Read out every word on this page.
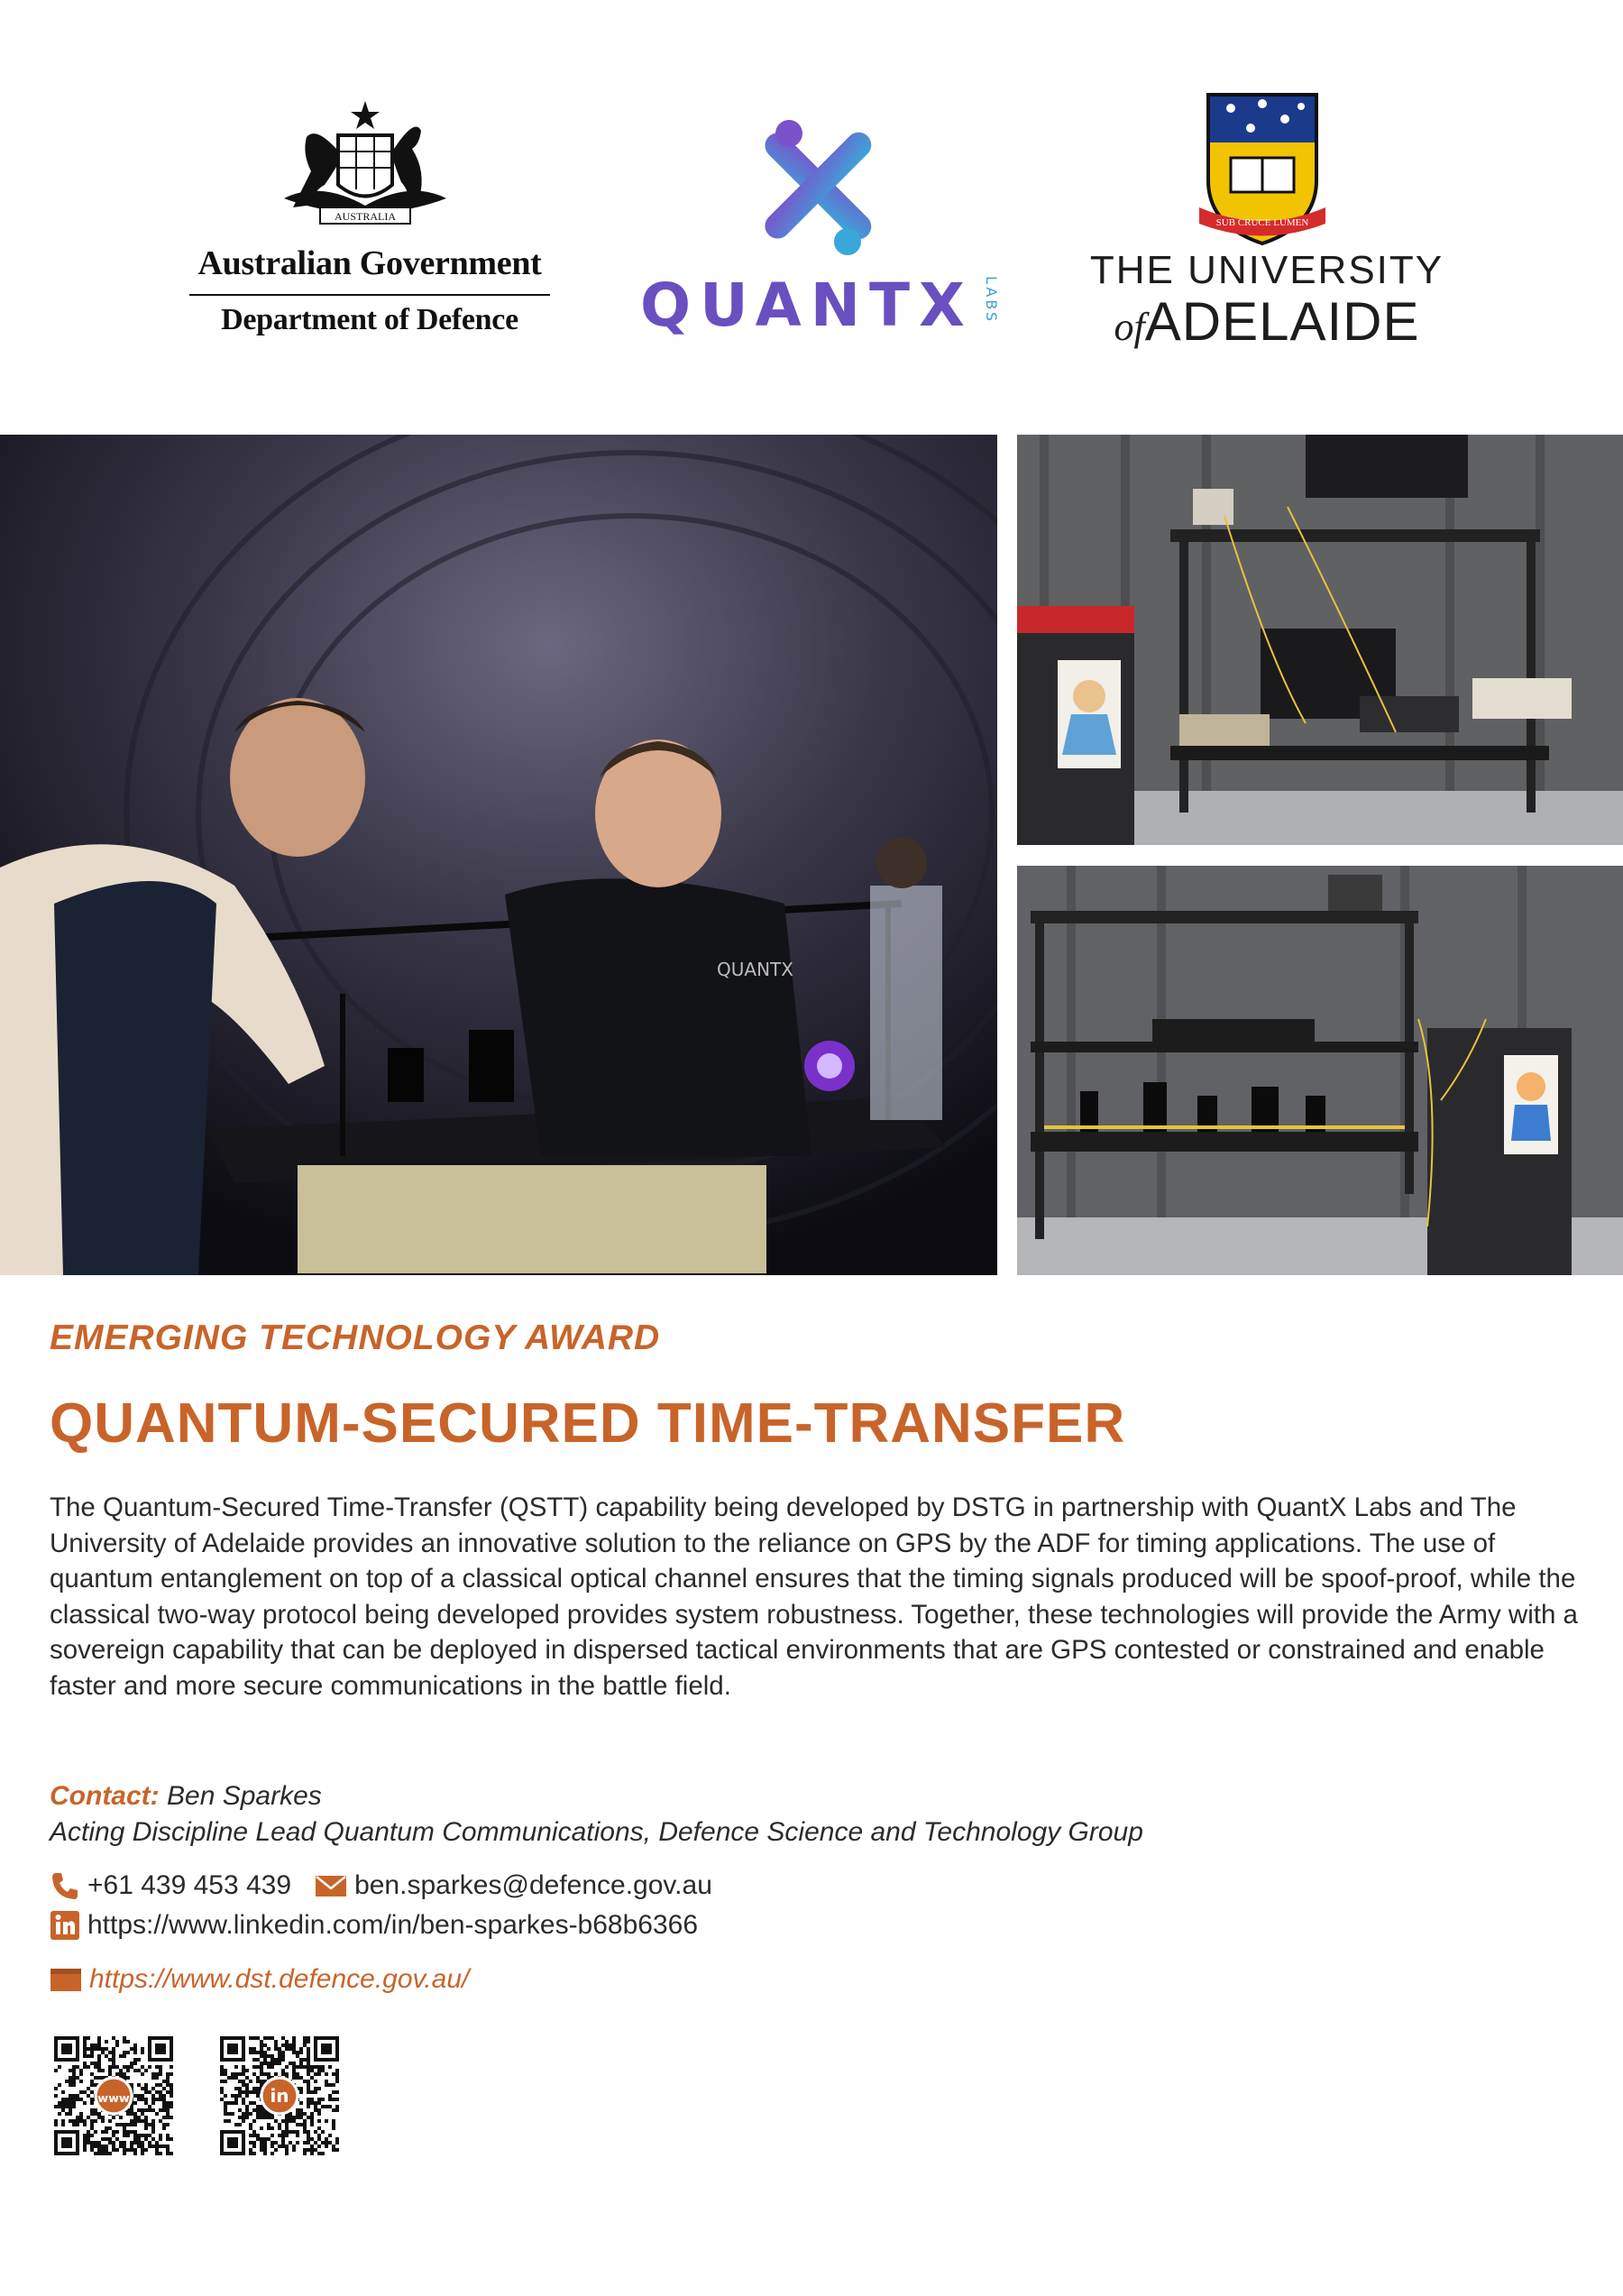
AUSTRALIA
Australian Government
Department of Defence	QUANTX LABS
SUB CRUCE LUMEN
THE UNIVERSITY
ofADELAIDE
QUANTX
EMERGING TECHNOLOGY AWARD
QUANTUM-SECURED TIME-TRANSFER
The Quantum-Secured Time-Transfer (QSTT) capability being developed by DSTG in partnership with QuantX Labs and The University of Adelaide provides an innovative solution to the reliance on GPS by the ADF for timing applications. The use of quantum entanglement on top of a classical optical channel ensures that the timing signals produced will be spoof-proof, while the classical two-way protocol being developed provides system robustness. Together, these technologies will provide the Army with a sovereign capability that can be deployed in dispersed tactical environments that are GPS contested or constrained and enable faster and more secure communications in the battle field.
Contact: Ben Sparkes
Acting Discipline Lead Quantum Communications, Defence Science and Technology Group
+61 439 453 439 ben.sparkes@defence.gov.au
https://www.linkedin.com/in/ben-sparkes-b68b6366
https://www.dst.defence.gov.au/
www	in
